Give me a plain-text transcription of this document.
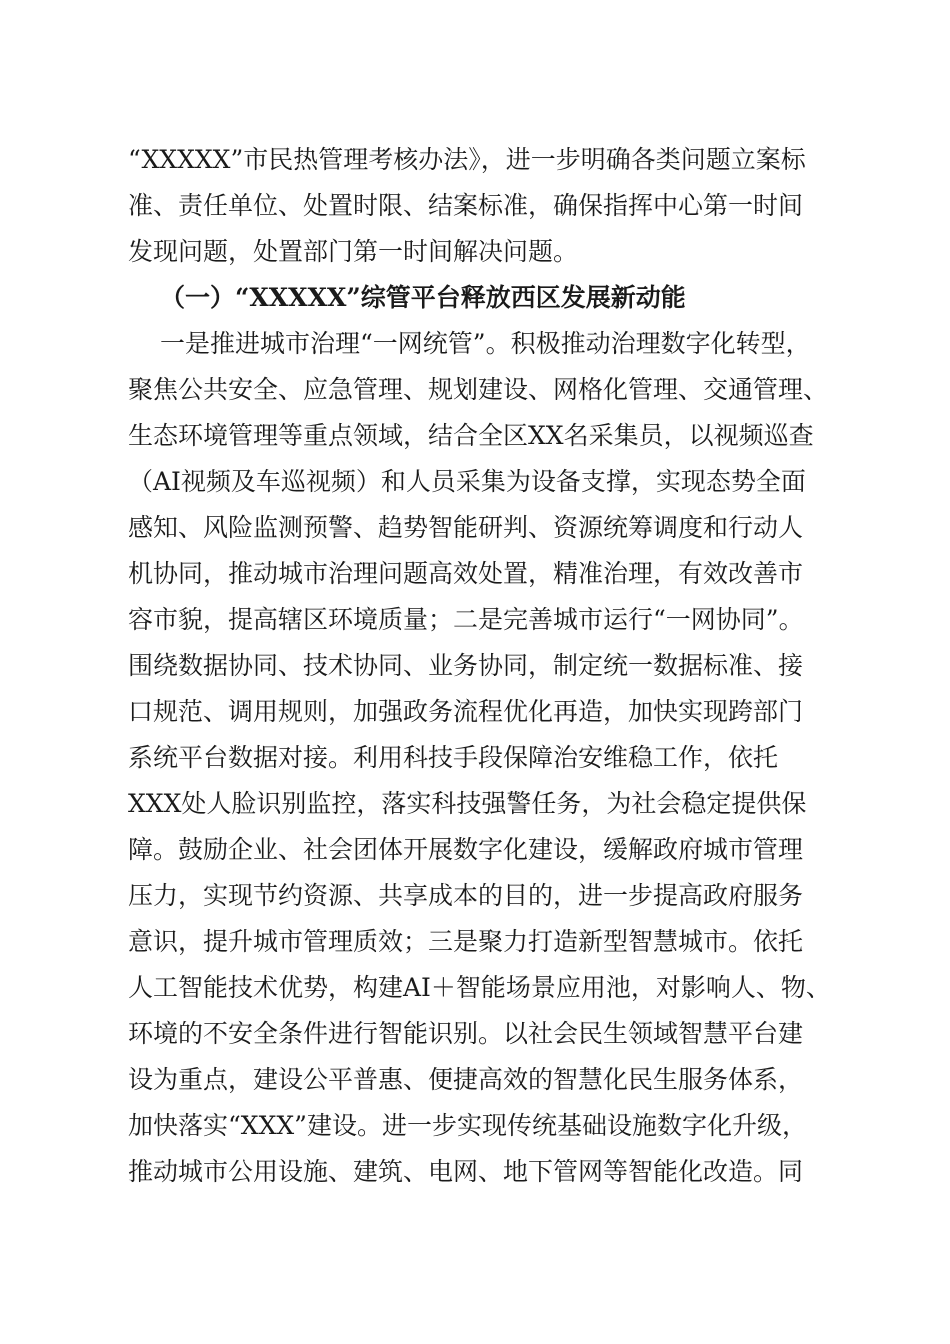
“XXXXX”市民热管理考核办法》，进一步明确各类问题立案标
准、责任单位、处置时限、结案标准，确保指挥中心第一时间
发现问题，处置部门第一时间解决问题。
（一）“XXXXX”综管平台释放西区发展新动能
一是推进城市治理“一网统管”。积极推动治理数字化转型，
聚焦公共安全、应急管理、规划建设、网格化管理、交通管理、
生态环境管理等重点领域，结合全区XX名采集员，以视频巡查
（AI视频及车巡视频）和人员采集为设备支撑，实现态势全面
感知、风险监测预警、趋势智能研判、资源统筹调度和行动人
机协同，推动城市治理问题高效处置，精准治理，有效改善市
容市貌，提高辖区环境质量；二是完善城市运行“一网协同”。
围绕数据协同、技术协同、业务协同，制定统一数据标准、接
口规范、调用规则，加强政务流程优化再造，加快实现跨部门
系统平台数据对接。利用科技手段保障治安维稳工作，依托
XXX处人脸识别监控，落实科技强警任务，为社会稳定提供保
障。鼓励企业、社会团体开展数字化建设，缓解政府城市管理
压力，实现节约资源、共享成本的目的，进一步提高政府服务
意识，提升城市管理质效；三是聚力打造新型智慧城市。依托
人工智能技术优势，构建AI＋智能场景应用池，对影响人、物、
环境的不安全条件进行智能识别。以社会民生领域智慧平台建
设为重点，建设公平普惠、便捷高效的智慧化民生服务体系，
加快落实“XXX”建设。进一步实现传统基础设施数字化升级，
推动城市公用设施、建筑、电网、地下管网等智能化改造。同
